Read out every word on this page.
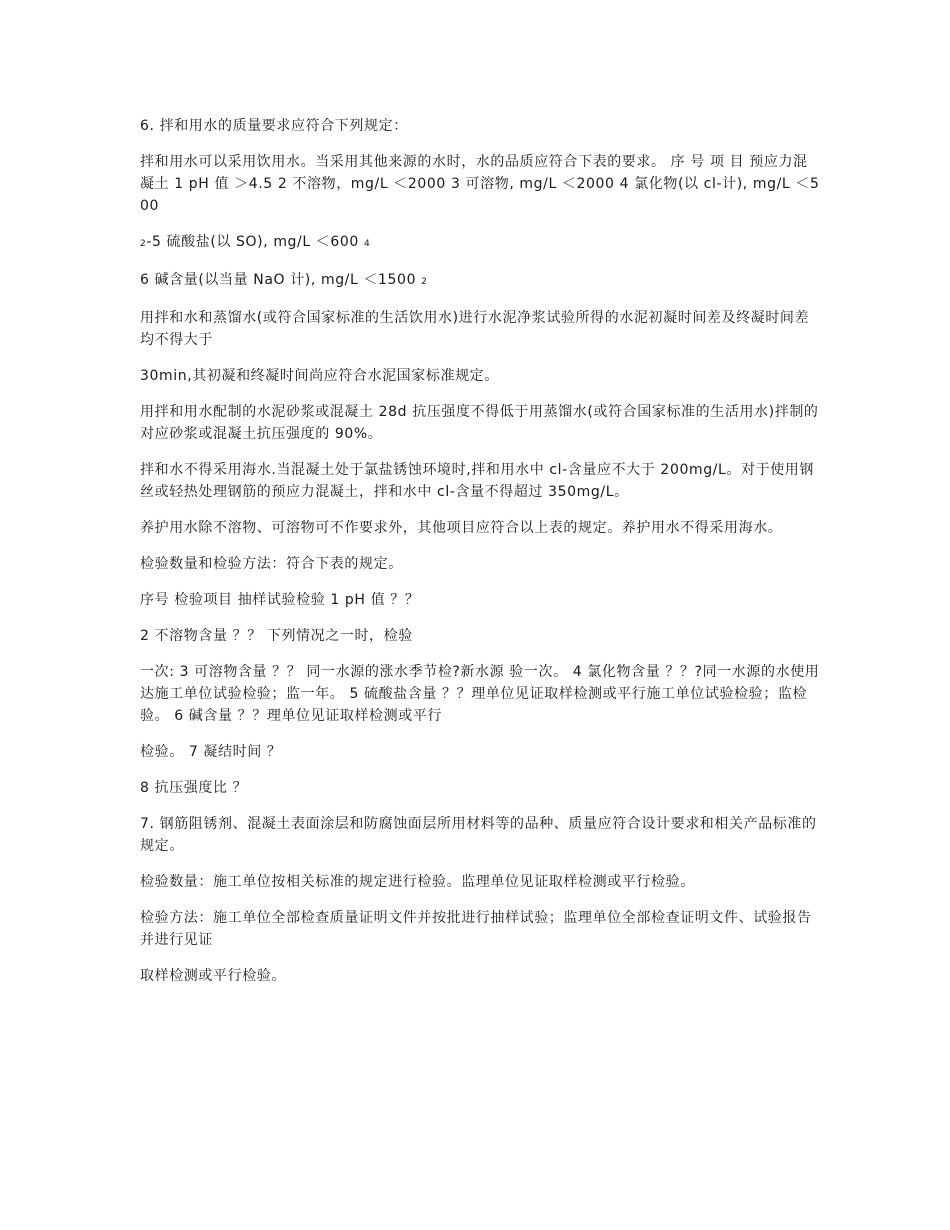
6. 拌和用水的质量要求应符合下列规定：

拌和用水可以采用饮用水。当采用其他来源的水时，水的品质应符合下表的要求。 序 号 项 目 预应力混凝土 1 pH 值 ＞4.5 2 不溶物，mg/L ＜2000 3 可溶物, mg/L ＜2000 4 氯化物(以 cl-计), mg/L ＜500

2-5 硫酸盐(以 SO), mg/L ＜600 4

6 碱含量(以当量 NaO 计), mg/L ＜1500 2

用拌和水和蒸馏水(或符合国家标准的生活饮用水)进行水泥净浆试验所得的水泥初凝时间差及终凝时间差均不得大于

30min,其初凝和终凝时间尚应符合水泥国家标准规定。

用拌和用水配制的水泥砂浆或混凝土 28d 抗压强度不得低于用蒸馏水(或符合国家标准的生活用水)拌制的对应砂浆或混凝土抗压强度的 90%。

拌和水不得采用海水.当混凝土处于氯盐锈蚀环境时,拌和用水中 cl-含量应不大于 200mg/L。对于使用钢丝或轻热处理钢筋的预应力混凝土，拌和水中 cl-含量不得超过 350mg/L。

养护用水除不溶物、可溶物可不作要求外，其他项目应符合以上表的规定。养护用水不得采用海水。

检验数量和检验方法：符合下表的规定。

序号 检验项目 抽样试验检验 1 pH 值 ？？

2 不溶物含量 ？？ 下列情况之一时，检验

一次: 3 可溶物含量 ？？ 同一水源的涨水季节检?新水源 验一次。 4 氯化物含量 ？？?同一水源的水使用达施工单位试验检验；监一年。 5 硫酸盐含量 ？？理单位见证取样检测或平行施工单位试验检验；监检验。 6 碱含量 ？？理单位见证取样检测或平行

检验。 7 凝结时间 ？

8 抗压强度比 ？

7. 钢筋阻锈剂、混凝土表面涂层和防腐蚀面层所用材料等的品种、质量应符合设计要求和相关产品标准的规定。

检验数量：施工单位按相关标准的规定进行检验。监理单位见证取样检测或平行检验。

检验方法：施工单位全部检查质量证明文件并按批进行抽样试验；监理单位全部检查证明文件、试验报告并进行见证

取样检测或平行检验。
